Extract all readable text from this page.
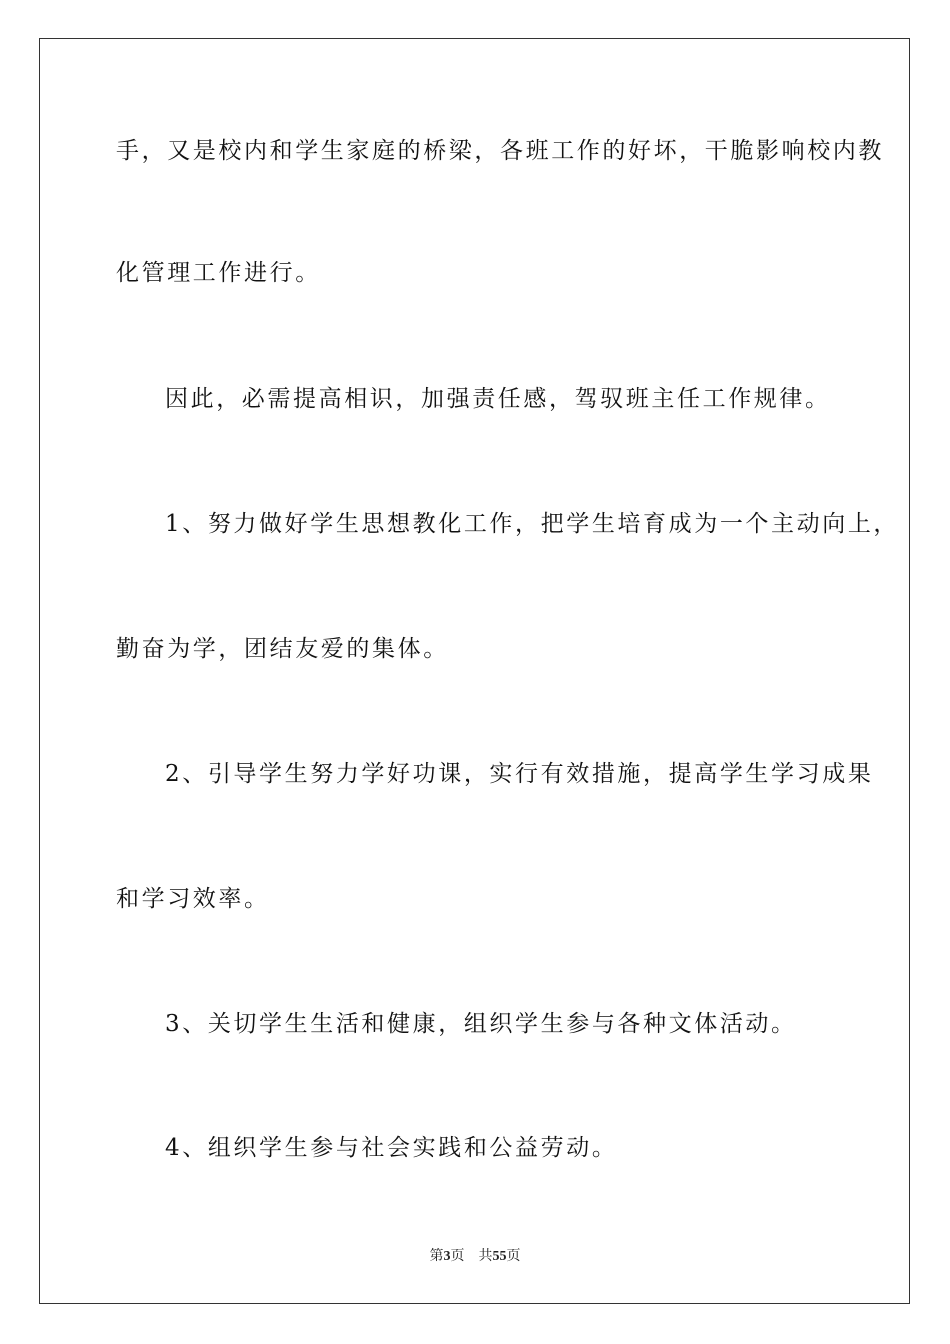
手，又是校内和学生家庭的桥梁，各班工作的好坏，干脆影响校内教
化管理工作进行。
因此，必需提高相识，加强责任感，驾驭班主任工作规律。
1、努力做好学生思想教化工作，把学生培育成为一个主动向上，
勤奋为学，团结友爱的集体。
2、引导学生努力学好功课，实行有效措施，提高学生学习成果
和学习效率。
3、关切学生生活和健康，组织学生参与各种文体活动。
4、组织学生参与社会实践和公益劳动。
第3页 共55页
